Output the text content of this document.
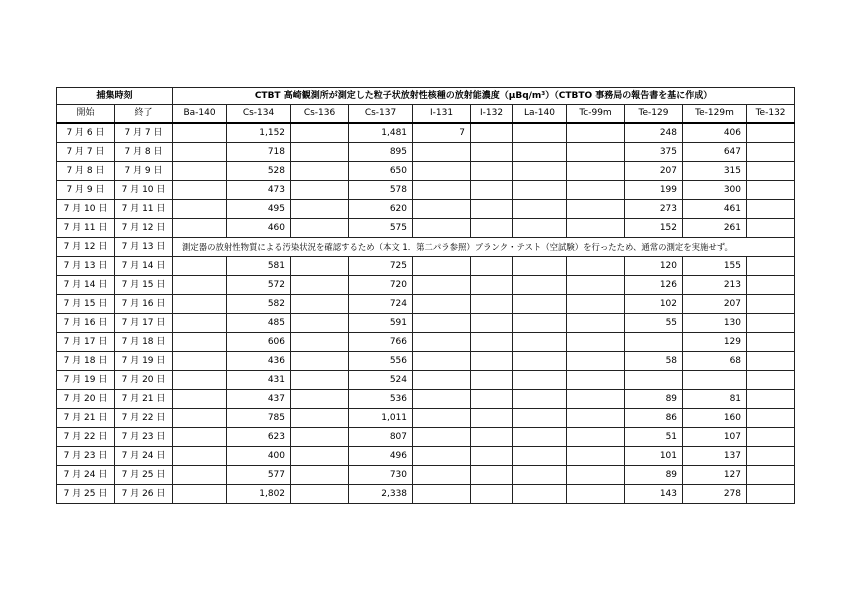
捕集時刻		CTBT 高崎観測所が測定した粒子状放射性核種の放射能濃度（μBq/m³）（CTBTO 事務局の報告書を基に作成）										
開始	終了	Ba-140	Cs-134	Cs-136	Cs-137	I-131	I-132	La-140	Tc-99m	Te-129	Te-129m	Te-132
7 月 6 日	7 月 7 日		1,152		1,481	7				248	406	
7 月 7 日	7 月 8 日		718		895					375	647	
7 月 8 日	7 月 9 日		528		650					207	315	
7 月 9 日	7 月 10 日		473		578					199	300	
7 月 10 日	7 月 11 日		495		620					273	461	
7 月 11 日	7 月 12 日		460		575					152	261	
7 月 12 日	7 月 13 日	測定器の放射性物質による汚染状況を確認するため（本文 1．第二パラ参照）ブランク・テスト（空試験）を行ったため、通常の測定を実施せず。										
7 月 13 日	7 月 14 日		581		725					120	155	
7 月 14 日	7 月 15 日		572		720					126	213	
7 月 15 日	7 月 16 日		582		724					102	207	
7 月 16 日	7 月 17 日		485		591					55	130	
7 月 17 日	7 月 18 日		606		766						129	
7 月 18 日	7 月 19 日		436		556					58	68	
7 月 19 日	7 月 20 日		431		524							
7 月 20 日	7 月 21 日		437		536					89	81	
7 月 21 日	7 月 22 日		785		1,011					86	160	
7 月 22 日	7 月 23 日		623		807					51	107	
7 月 23 日	7 月 24 日		400		496					101	137	
7 月 24 日	7 月 25 日		577		730					89	127	
7 月 25 日	7 月 26 日		1,802		2,338					143	278	
